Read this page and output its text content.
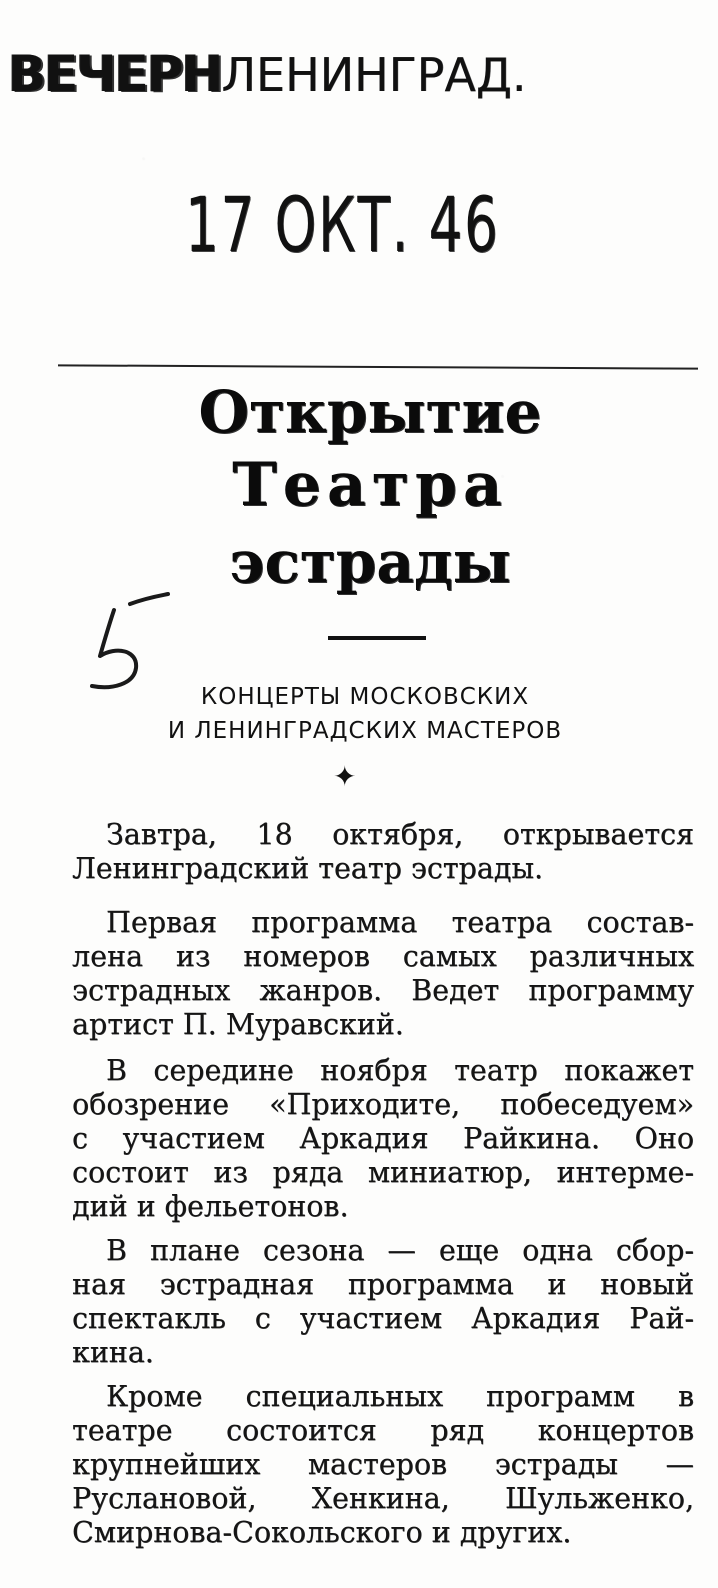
ВЕЧЕРНЛЕНИНГРАД.
17 ОКТ. 46
Открытие
Театра
эстрады
КОНЦЕРТЫ МОСКОВСКИХ
И ЛЕНИНГРАДСКИХ МАСТЕРОВ
✦
Завтра, 18 октября, открывается
Ленинградский театр эстрады.
Первая программа театра состав-
лена из номеров самых различных
эстрадных жанров. Ведет программу
артист П. Муравский.
В середине ноября театр покажет
обозрение «Приходите, побеседуем»
с участием Аркадия Райкина. Оно
состоит из ряда миниатюр, интерме-
дий и фельетонов.
В плане сезона — еще одна сбор-
ная эстрадная программа и новый
спектакль с участием Аркадия Рай-
кина.
Кроме специальных программ в
театре состоится ряд концертов
крупнейших мастеров эстрады —
Руслановой, Хенкина, Шульженко,
Смирнова-Сокольского и других.
